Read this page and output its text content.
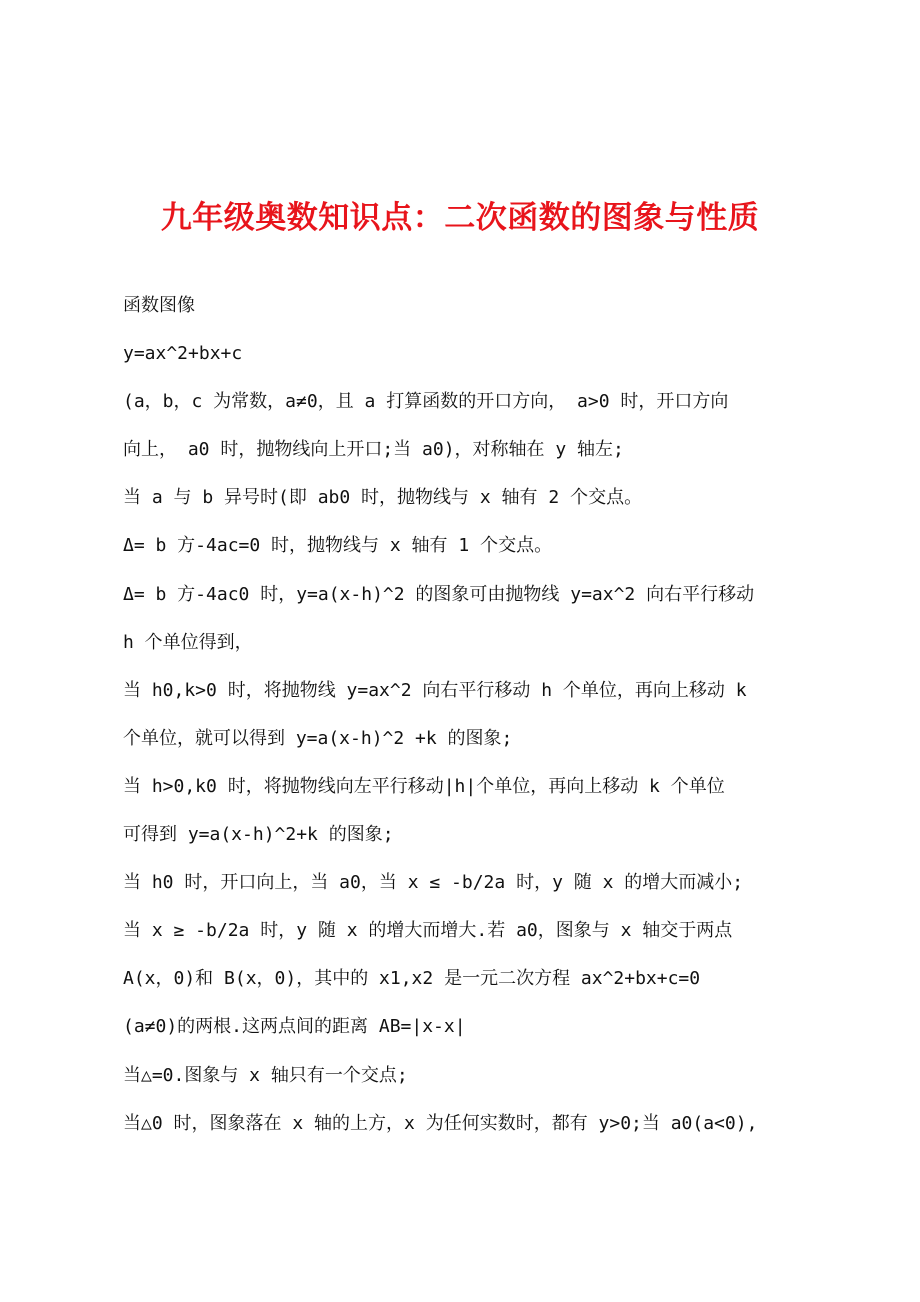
九年级奥数知识点：二次函数的图象与性质

函数图像

y=ax^2+bx+c

(a，b，c 为常数，a≠0，且 a 打算函数的开口方向， a>0 时，开口方向

向上， a0 时，抛物线向上开口;当 a0)，对称轴在 y 轴左;

当 a 与 b 异号时(即 ab0 时，抛物线与 x 轴有 2 个交点。

Δ= b 方-4ac=0 时，抛物线与 x 轴有 1 个交点。

Δ= b 方-4ac0 时，y=a(x-h)^2 的图象可由抛物线 y=ax^2 向右平行移动

h 个单位得到，

当 h0,k>0 时，将抛物线 y=ax^2 向右平行移动 h 个单位，再向上移动 k

个单位，就可以得到 y=a(x-h)^2 +k 的图象;

当 h>0,k0 时，将抛物线向左平行移动|h|个单位，再向上移动 k 个单位

可得到 y=a(x-h)^2+k 的图象;

当 h0 时，开口向上，当 a0，当 x ≤ -b/2a 时，y 随 x 的增大而减小;

当 x ≥ -b/2a 时，y 随 x 的增大而增大.若 a0，图象与 x 轴交于两点

A(x，0)和 B(x，0)，其中的 x1,x2 是一元二次方程 ax^2+bx+c=0

(a≠0)的两根.这两点间的距离 AB=|x-x|

当△=0.图象与 x 轴只有一个交点;

当△0 时，图象落在 x 轴的上方，x 为任何实数时，都有 y>0;当 a0(a<0),
